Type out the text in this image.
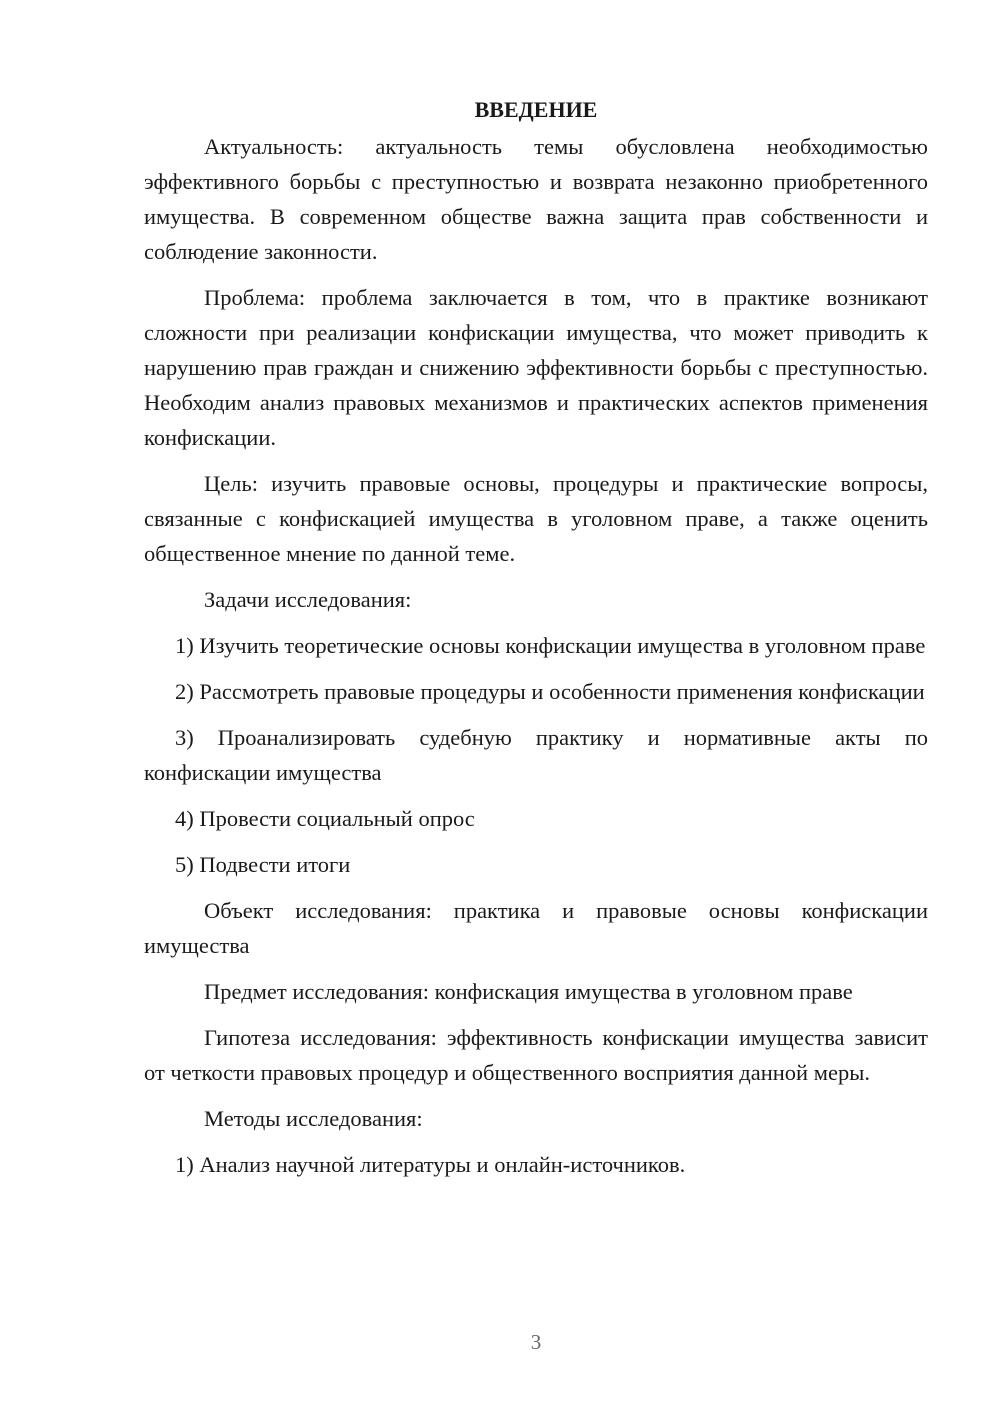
ВВЕДЕНИЕ

Актуальность: актуальность темы обусловлена необходимостью эффективного борьбы с преступностью и возврата незаконно приобретенного имущества. В современном обществе важна защита прав собственности и соблюдение законности.

Проблема: проблема заключается в том, что в практике возникают сложности при реализации конфискации имущества, что может приводить к нарушению прав граждан и снижению эффективности борьбы с преступностью. Необходим анализ правовых механизмов и практических аспектов применения конфискации.

Цель: изучить правовые основы, процедуры и практические вопросы, связанные с конфискацией имущества в уголовном праве, а также оценить общественное мнение по данной теме.

Задачи исследования:

1) Изучить теоретические основы конфискации имущества в уголовном праве

2) Рассмотреть правовые процедуры и особенности применения конфискации

3) Проанализировать судебную практику и нормативные акты по конфискации имущества

4) Провести социальный опрос

5) Подвести итоги

Объект исследования: практика и правовые основы конфискации имущества

Предмет исследования: конфискация имущества в уголовном праве

Гипотеза исследования: эффективность конфискации имущества зависит от четкости правовых процедур и общественного восприятия данной меры.

Методы исследования:

1) Анализ научной литературы и онлайн-источников.

3
